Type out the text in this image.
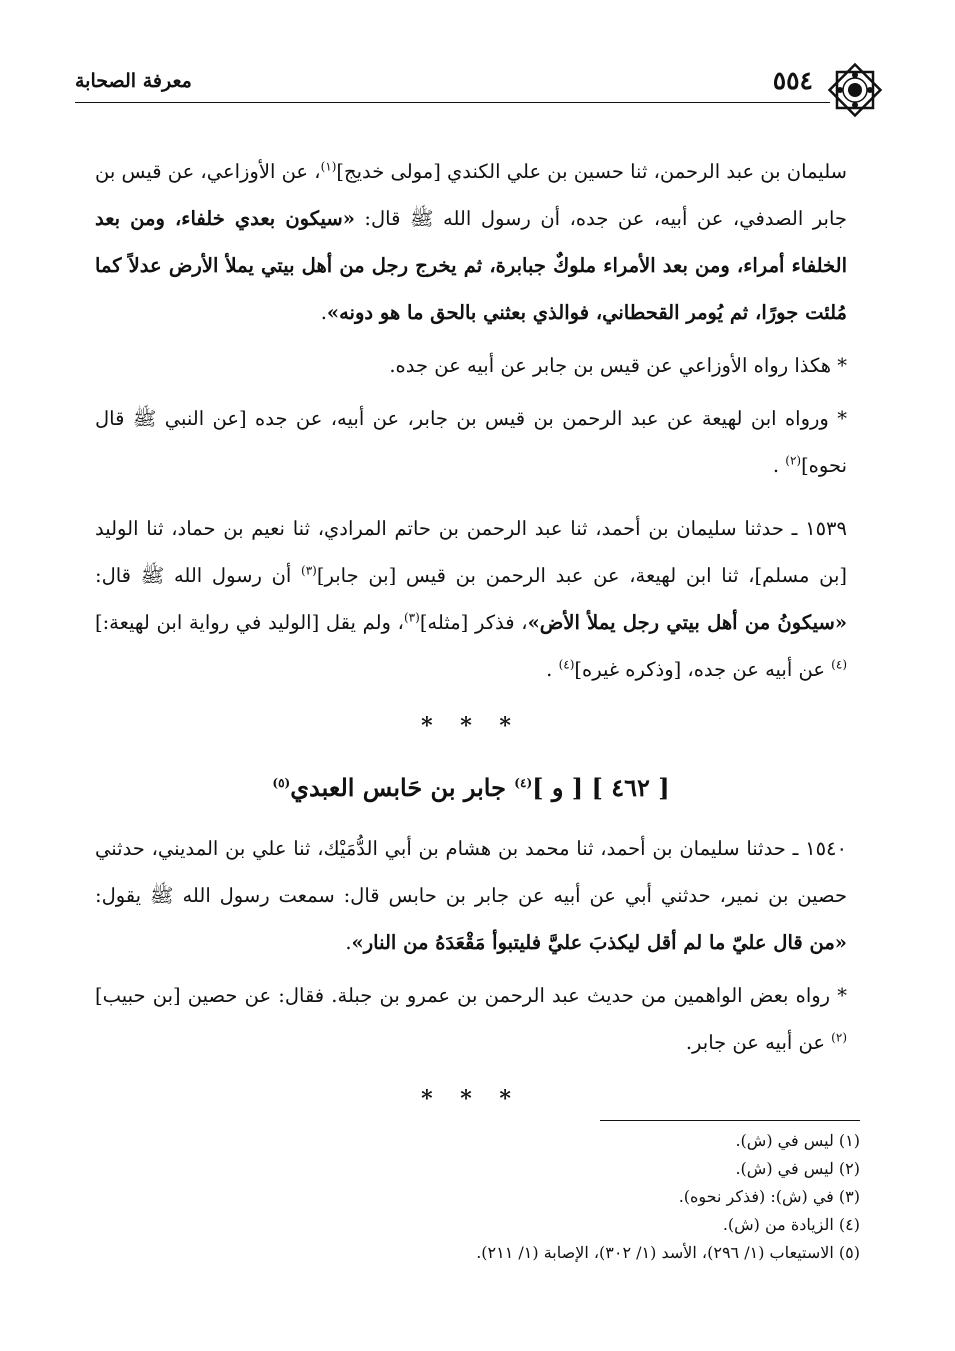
٥٥٤
معرفة الصحابة

سليمان بن عبد الرحمن، ثنا حسين بن علي الكندي [مولى خديج]$^{(١)}$، عن الأوزاعي، عن قيس بن جابر الصدفي، عن أبيه، عن جده، أن رسول الله ﷺ قال: «سيكون بعدي خلفاء، ومن بعد الخلفاء أمراء، ومن بعد الأمراء ملوكٌ جبابرة، ثم يخرج رجل من أهل بيتي يملأ الأرض عدلاً كما مُلئت جورًا، ثم يُومر القحطاني، فوالذي بعثني بالحق ما هو دونه».

* هكذا رواه الأوزاعي عن قيس بن جابر عن أبيه عن جده.

* ورواه ابن لهيعة عن عبد الرحمن بن قيس بن جابر، عن أبيه، عن جده [عن النبي ﷺ قال نحوه]$^{(٢)}$ .

١٥٣٩ ـ حدثنا سليمان بن أحمد، ثنا عبد الرحمن بن حاتم المرادي، ثنا نعيم بن حماد، ثنا الوليد [بن مسلم]، ثنا ابن لهيعة، عن عبد الرحمن بن قيس [بن جابر]$^{(٣)}$ أن رسول الله ﷺ قال: «سيكونُ من أهل بيتي رجل يملأ الأض»، فذكر [مثله]$^{(٣)}$، ولم يقل [الوليد في رواية ابن لهيعة:]$^{(٤)}$ عن أبيه عن جده، [وذكره غيره]$^{(٤)}$ .

* * *
[ ٤٦٢ ] [ و ]$^{(٤)}$ جابر بن حَابس العبدي$^{(٥)}$

١٥٤٠ ـ حدثنا سليمان بن أحمد، ثنا محمد بن هشام بن أبي الدُّمَيْك، ثنا علي بن المديني، حدثني حصين بن نمير، حدثني أبي عن أبيه عن جابر بن حابس قال: سمعت رسول الله ﷺ يقول: «من قال عليّ ما لم أقل ليكذبَ عليَّ فليتبوأ مَقْعَدَهُ من النار».

* رواه بعض الواهمين من حديث عبد الرحمن بن عمرو بن جبلة. فقال: عن حصين [بن حبيب]$^{(٢)}$ عن أبيه عن جابر.

* * *
(١) ليس في (ش).
(٢) ليس في (ش).
(٣) في (ش): (فذكر نحوه).
(٤) الزيادة من (ش).
(٥) الاستيعاب (١/ ٢٩٦)، الأسد (١/ ٣٠٢)، الإصابة (١/ ٢١١).
